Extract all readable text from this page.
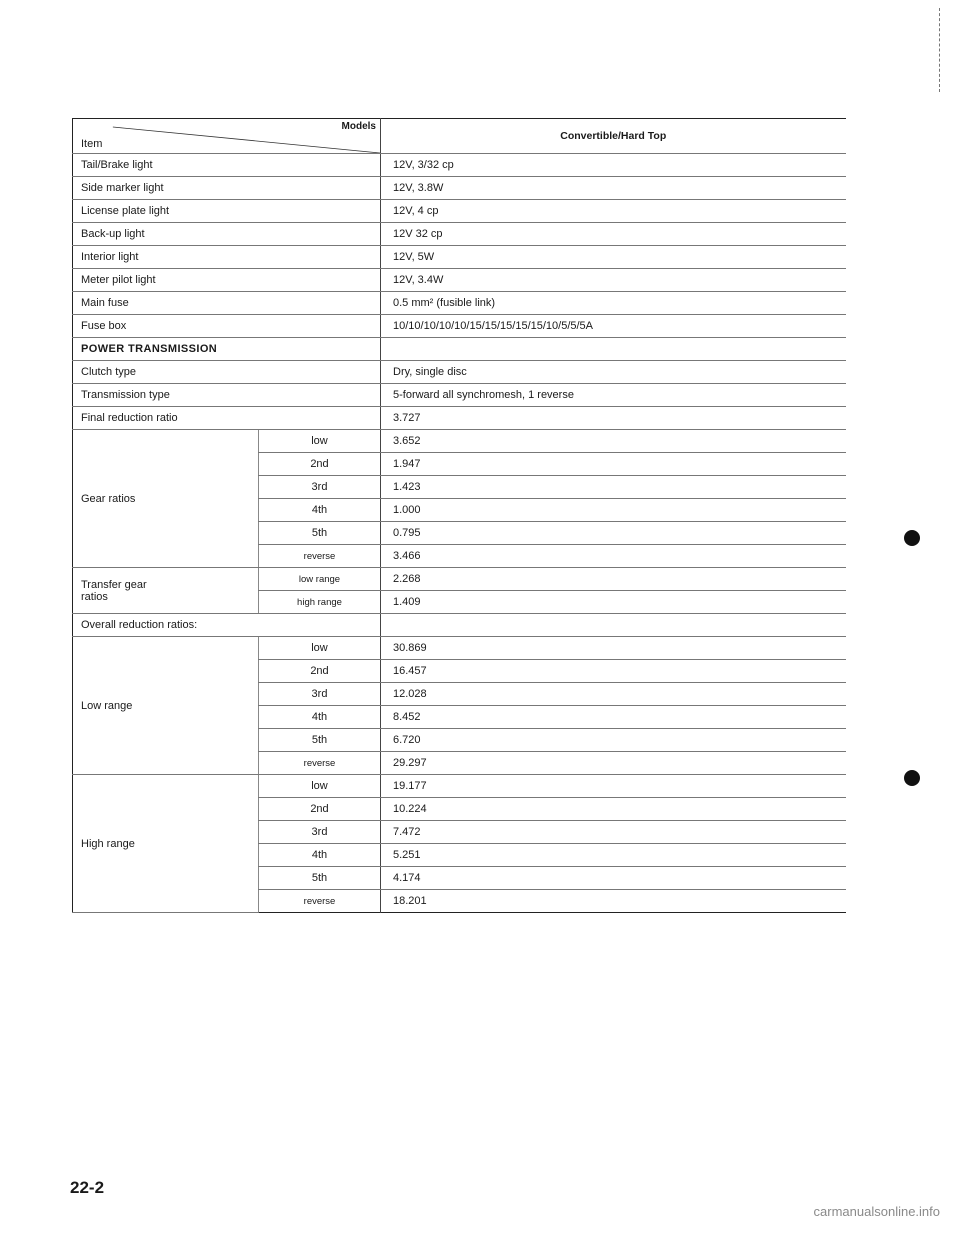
Models
Item		Convertible/Hard Top
Tail/Brake light		12V, 3/32 cp
Side marker light		12V, 3.8W
License plate light		12V, 4 cp
Back-up light		12V 32 cp
Interior light		12V, 5W
Meter pilot light		12V, 3.4W
Main fuse		0.5 mm² (fusible link)
Fuse box		10/10/10/10/10/15/15/15/15/15/10/5/5/5A
POWER TRANSMISSION		
Clutch type		Dry, single disc
Transmission type		5-forward all synchromesh, 1 reverse
Final reduction ratio		3.727
Gear ratios	low	3.652
	2nd	1.947
	3rd	1.423
	4th	1.000
	5th	0.795
	reverse	3.466

Transfer gear
ratios	low range	2.268
	high range	1.409
Overall reduction ratios:		
Low range	low	30.869
	2nd	16.457
	3rd	12.028
	4th	8.452
	5th	6.720
	reverse	29.297
High range	low	19.177
	2nd	10.224
	3rd	7.472
	4th	5.251
	5th	4.174
	reverse	18.201
22-2
carmanualsonline.info
